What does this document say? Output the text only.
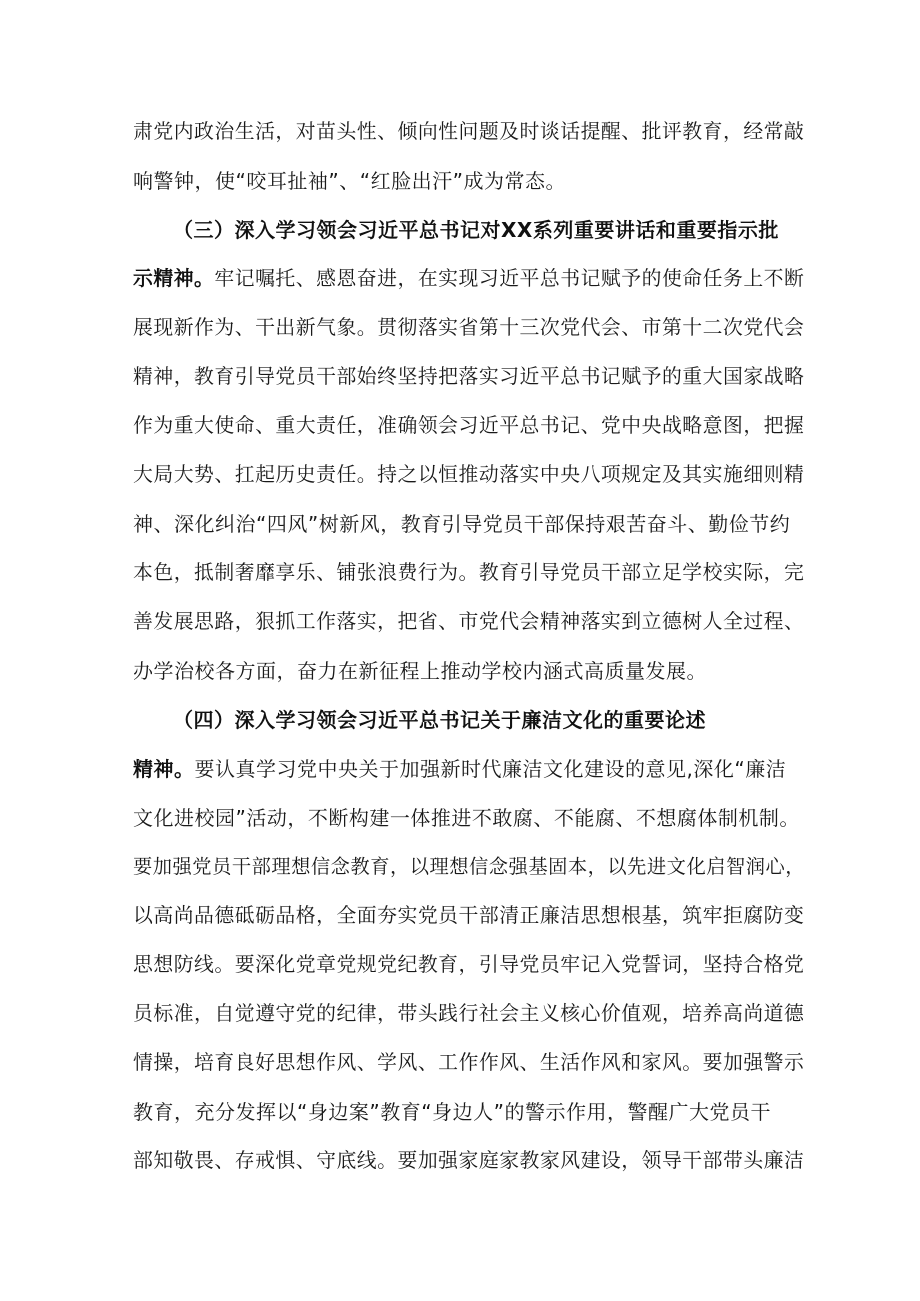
肃党内政治生活，对苗头性、倾向性问题及时谈话提醒、批评教育，经常敲
响警钟，使“咬耳扯袖”、“红脸出汗”成为常态。
（三）深入学习领会习近平总书记对XX系列重要讲话和重要指示批
示精神。牢记嘱托、感恩奋进，在实现习近平总书记赋予的使命任务上不断
展现新作为、干出新气象。贯彻落实省第十三次党代会、市第十二次党代会
精神，教育引导党员干部始终坚持把落实习近平总书记赋予的重大国家战略
作为重大使命、重大责任，准确领会习近平总书记、党中央战略意图，把握
大局大势、扛起历史责任。持之以恒推动落实中央八项规定及其实施细则精
神、深化纠治“四风”树新风，教育引导党员干部保持艰苦奋斗、勤俭节约
本色，抵制奢靡享乐、铺张浪费行为。教育引导党员干部立足学校实际，完
善发展思路，狠抓工作落实，把省、市党代会精神落实到立德树人全过程、
办学治校各方面，奋力在新征程上推动学校内涵式高质量发展。
（四）深入学习领会习近平总书记关于廉洁文化的重要论述
精神。要认真学习党中央关于加强新时代廉洁文化建设的意见,深化“廉洁
文化进校园”活动，不断构建一体推进不敢腐、不能腐、不想腐体制机制。
要加强党员干部理想信念教育，以理想信念强基固本，以先进文化启智润心，
以高尚品德砥砺品格，全面夯实党员干部清正廉洁思想根基，筑牢拒腐防变
思想防线。要深化党章党规党纪教育，引导党员牢记入党誓词，坚持合格党
员标准，自觉遵守党的纪律，带头践行社会主义核心价值观，培养高尚道德
情操，培育良好思想作风、学风、工作作风、生活作风和家风。要加强警示
教育，充分发挥以“身边案”教育“身边人”的警示作用，警醒广大党员干
部知敬畏、存戒惧、守底线。要加强家庭家教家风建设，领导干部带头廉洁
